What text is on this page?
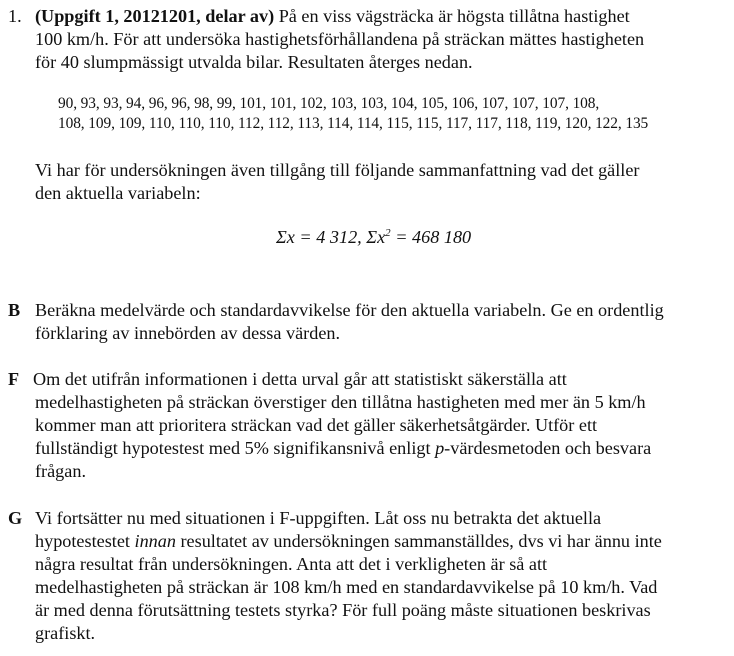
1. (Uppgift 1, 20121201, delar av) På en viss vägsträcka är högsta tillåtna hastighet
100 km/h. För att undersöka hastighetsförhållandena på sträckan mättes hastigheten
för 40 slumpmässigt utvalda bilar. Resultaten återges nedan.
90, 93, 93, 94, 96, 96, 98, 99, 101, 101, 102, 103, 103, 104, 105, 106, 107, 107, 107, 108,
108, 109, 109, 110, 110, 110, 112, 112, 113, 114, 114, 115, 115, 117, 117, 118, 119, 120, 122, 135
Vi har för undersökningen även tillgång till följande sammanfattning vad det gäller
den aktuella variabeln:
Σx = 4 312, $\Sigma x^2 = 468$ 180
B Beräkna medelvärde och standardavvikelse för den aktuella variabeln. Ge en ordentlig
förklaring av innebörden av dessa värden.
F Om det utifrån informationen i detta urval går att statistiskt säkerställa att
medelhastigheten på sträckan överstiger den tillåtna hastigheten med mer än 5 km/h
kommer man att prioritera sträckan vad det gäller säkerhetsåtgärder. Utför ett
fullständigt hypotestest med 5% signifikansnivå enligt p-värdesmetoden och besvara
frågan.
G Vi fortsätter nu med situationen i F-uppgiften. Låt oss nu betrakta det aktuella
hypotestestet innan resultatet av undersökningen sammanställdes, dvs vi har ännu inte
några resultat från undersökningen. Anta att det i verkligheten är så att
medelhastigheten på sträckan är 108 km/h med en standardavvikelse på 10 km/h. Vad
är med denna förutsättning testets styrka? För full poäng måste situationen beskrivas
grafiskt.
